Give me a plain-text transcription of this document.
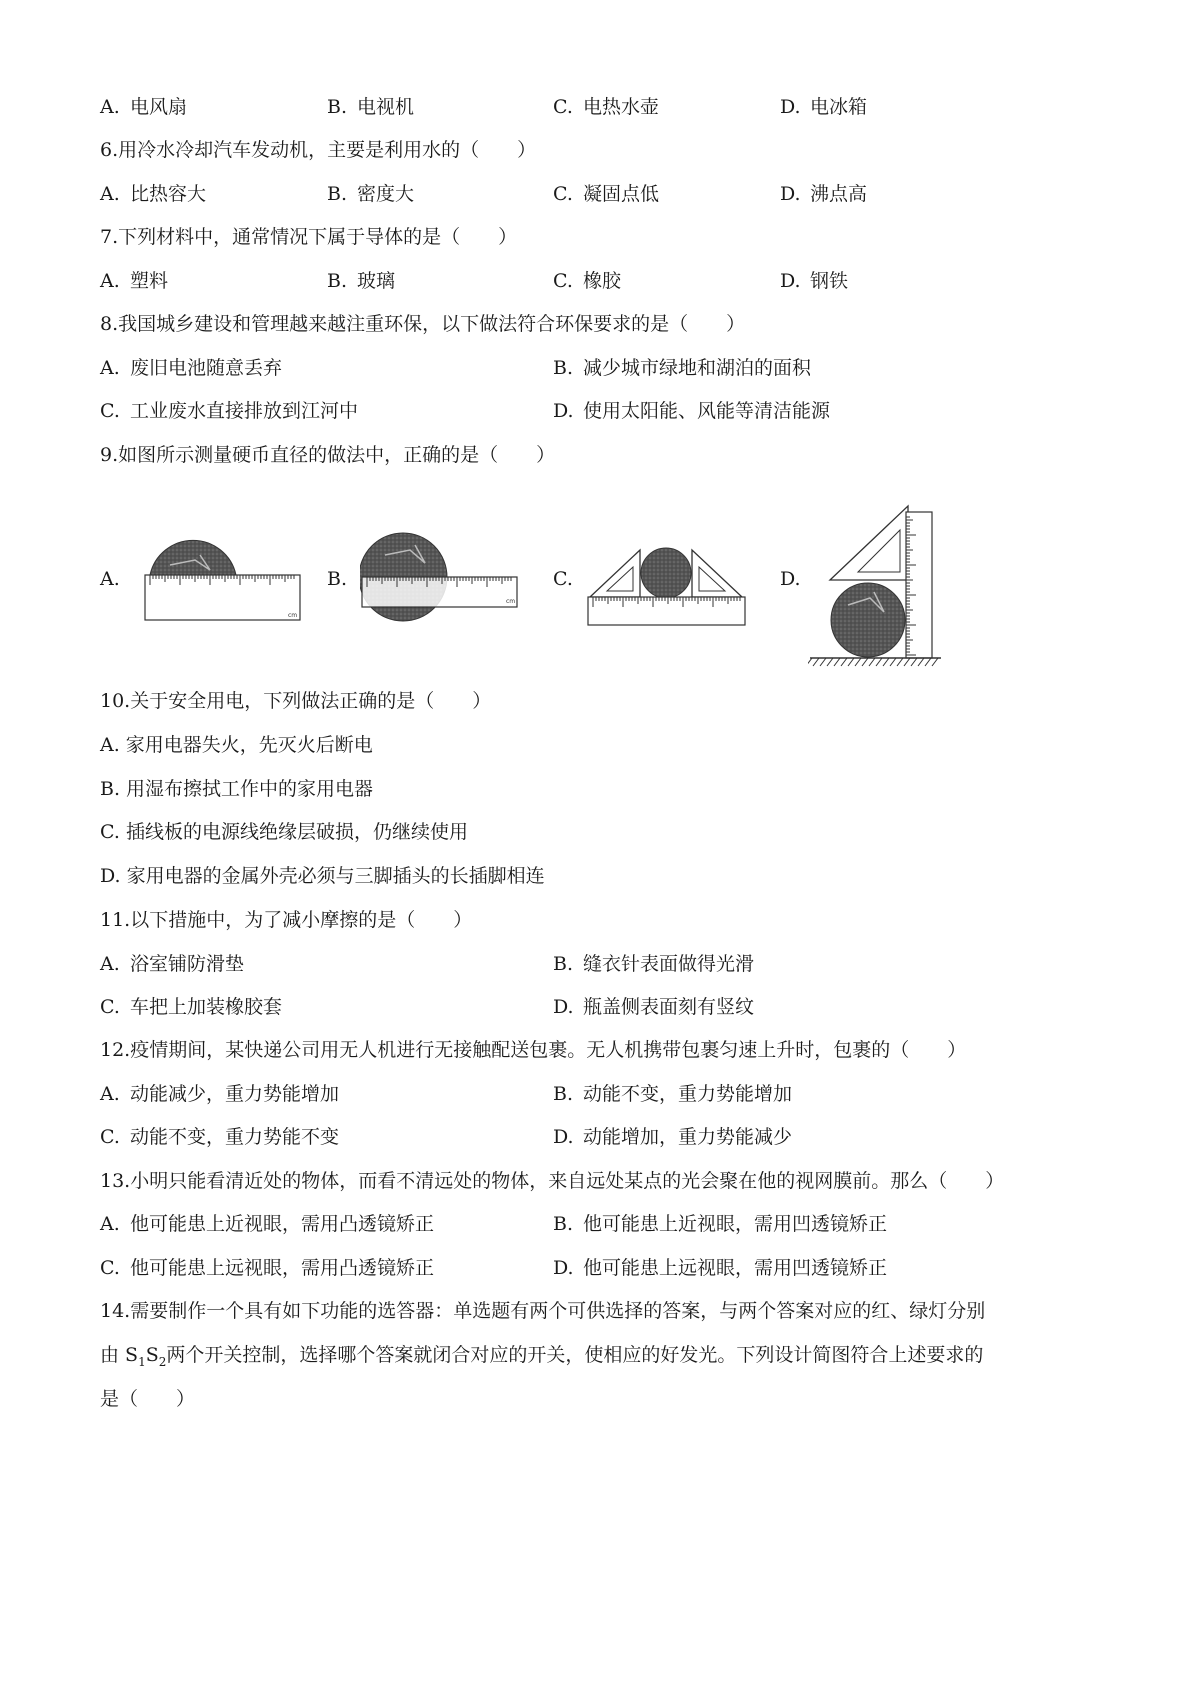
A. 电风扇	B. 电视机	C. 电热水壶	D. 电冰箱
6.用冷水冷却汽车发动机，主要是利用水的（　　）
A. 比热容大	B. 密度大	C. 凝固点低	D. 沸点高
7.下列材料中，通常情况下属于导体的是（　　）
A. 塑料	B. 玻璃	C. 橡胶	D. 钢铁
8.我国城乡建设和管理越来越注重环保，以下做法符合环保要求的是（　　）
A. 废旧电池随意丢弃	B. 减少城市绿地和湖泊的面积
C. 工业废水直接排放到江河中	D. 使用太阳能、风能等清洁能源
9.如图所示测量硬币直径的做法中，正确的是（　　）
A.	B.	C.	D.
cm
cm
10.关于安全用电，下列做法正确的是（　　）
A. 家用电器失火，先灭火后断电
B. 用湿布擦拭工作中的家用电器
C. 插线板的电源线绝缘层破损，仍继续使用
D. 家用电器的金属外壳必须与三脚插头的长插脚相连
11.以下措施中，为了减小摩擦的是（　　）
A. 浴室铺防滑垫	B. 缝衣针表面做得光滑
C. 车把上加装橡胶套	D. 瓶盖侧表面刻有竖纹
12.疫情期间，某快递公司用无人机进行无接触配送包裹。无人机携带包裹匀速上升时，包裹的（　　）
A. 动能减少，重力势能增加	B. 动能不变，重力势能增加
C. 动能不变，重力势能不变	D. 动能增加，重力势能减少
13.小明只能看清近处的物体，而看不清远处的物体，来自远处某点的光会聚在他的视网膜前。那么（　　）
A. 他可能患上近视眼，需用凸透镜矫正	B. 他可能患上近视眼，需用凹透镜矫正
C. 他可能患上远视眼，需用凸透镜矫正	D. 他可能患上远视眼，需用凹透镜矫正
14.需要制作一个具有如下功能的选答器：单选题有两个可供选择的答案，与两个答案对应的红、绿灯分别
由 $S_1S_2$两个开关控制，选择哪个答案就闭合对应的开关，使相应的好发光。下列设计简图符合上述要求的
是（　　）
